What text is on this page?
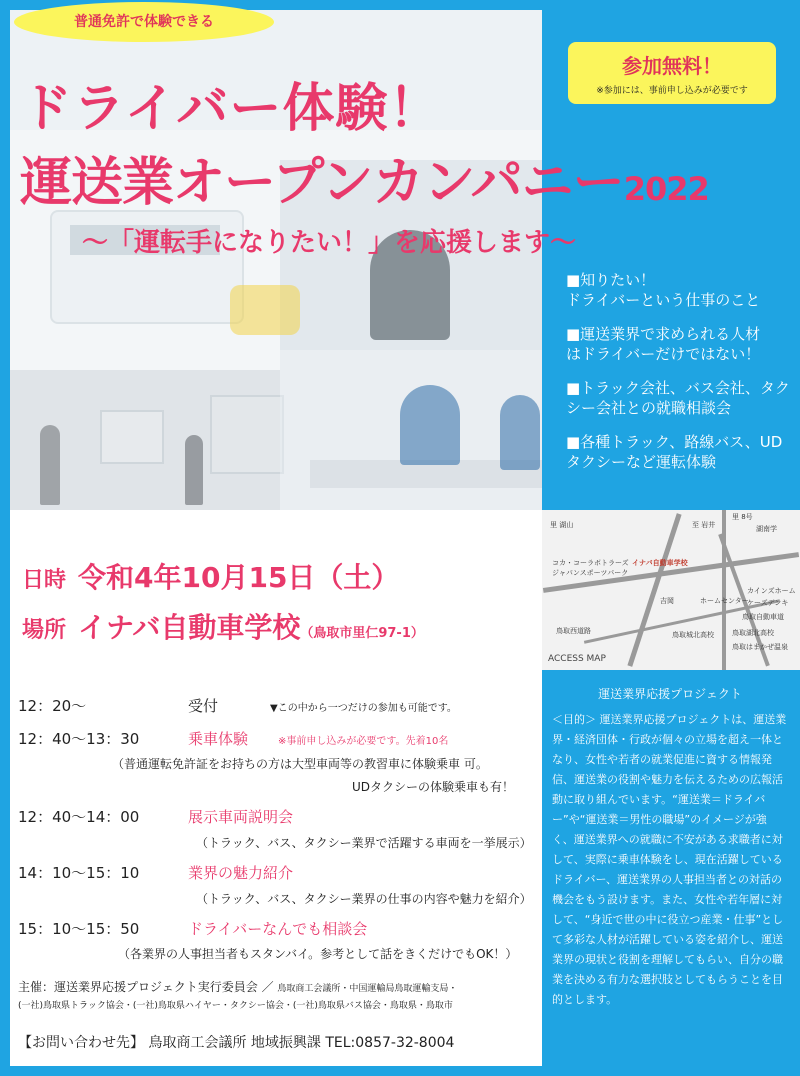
普通免許で体験できる
ドライバー体験！
運送業オープンカンパニー2022
～「運転手になりたい！」を応援します～
参加無料！
※参加には、事前申し込みが必要です
■知りたい！
ドライバーという仕事のこと
■運送業界で求められる人材
はドライバーだけではない！
■トラック会社、バス会社、タク
シー会社との就職相談会
■各種トラック、路線バス、UD
タクシーなど運転体験
里 湖山
里 8号
至 岩井	湖南学
コカ・コーラボトラーズ
ジャパンスポーツパーク
イナバ自動車学校
カインズホーム
ケーズデンキ
鳥取西道路
鳥取自動車道
吉岡	ホームセンター
鳥取城北高校	鳥取湖北高校
鳥取はまかぜ温泉
ACCESS MAP
日時 令和4年10月15日（土）
場所 イナバ自動車学校（鳥取市里仁97-1）
12：20～	受付	▼この中から一つだけの参加も可能です。
12：40～13：30	乗車体験	※事前申し込みが必要です。先着10名
（普通運転免許証をお持ちの方は大型車両等の教習車に体験乗車 可。
UDタクシーの体験乗車も有！
12：40～14：00	展示車両説明会
（トラック、バス、タクシー業界で活躍する車両を一挙展示）
14：10～15：10	業界の魅力紹介
（トラック、バス、タクシー業界の仕事の内容や魅力を紹介）
15：10～15：50	ドライバーなんでも相談会
（各業界の人事担当者もスタンバイ。参考として話をきくだけでもOK！）
主催：運送業界応援プロジェクト実行委員会 ／ 鳥取商工会議所・中国運輸局鳥取運輸支局・
(一社)鳥取県トラック協会・(一社)鳥取県ハイヤー・タクシー協会・(一社)鳥取県バス協会・鳥取県・鳥取市
【お問い合わせ先】 鳥取商工会議所 地域振興課 TEL:0857-32-8004
運送業界応援プロジェクト
＜目的＞ 運送業界応援プロジェクトは、運送業界・経済団体・行政が個々の立場を超え一体となり、女性や若者の就業促進に資する情報発信、運送業の役割や魅力を伝えるための広報活動に取り組んでいます。“運送業＝ドライバー”や“運送業＝男性の職場”のイメージが強く、運送業界への就職に不安がある求職者に対して、実際に乗車体験をし、現在活躍しているドライバー、運送業界の人事担当者との対話の機会をもう設けます。また、女性や若年層に対して、“身近で世の中に役立つ産業・仕事”として多彩な人材が活躍している姿を紹介し、運送業界の現状と役割を理解してもらい、自分の職業を決める有力な選択肢としてもらうことを目的とします。
